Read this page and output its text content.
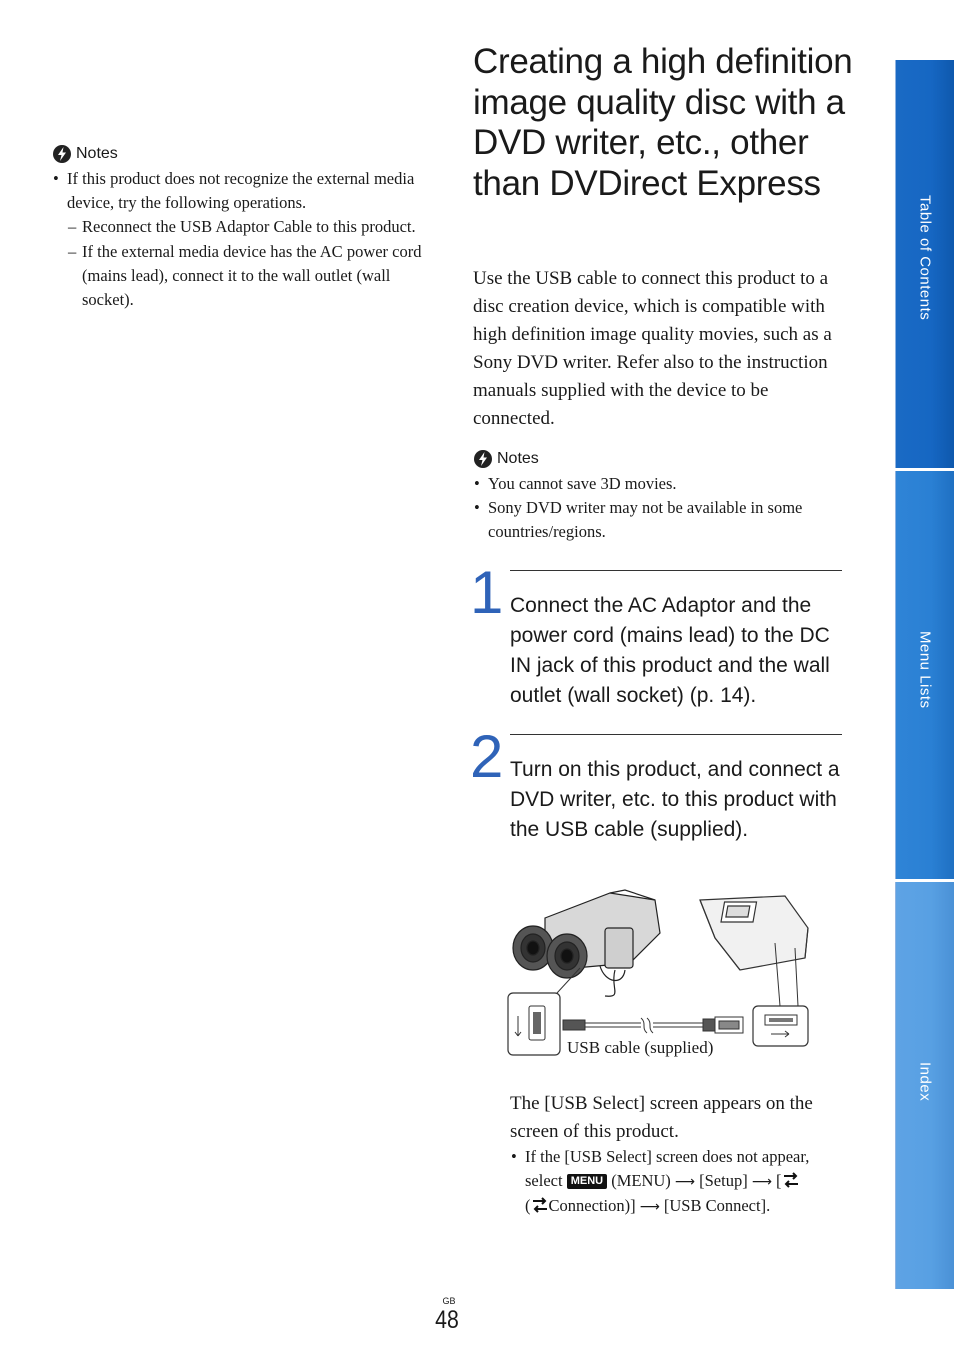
Notes
• If this product does not recognize the external media device, try the following operations.
– Reconnect the USB Adaptor Cable to this product.
– If the external media device has the AC power cord (mains lead), connect it to the wall outlet (wall socket).
Creating a high definition image quality disc with a DVD writer, etc., other than DVDirect Express
Use the USB cable to connect this product to a disc creation device, which is compatible with high definition image quality movies, such as a Sony DVD writer. Refer also to the instruction manuals supplied with the device to be connected.
Notes
• You cannot save 3D movies.
• Sony DVD writer may not be available in some countries/regions.
1 Connect the AC Adaptor and the power cord (mains lead) to the DC IN jack of this product and the wall outlet (wall socket) (p. 14).
2 Turn on this product, and connect a DVD writer, etc. to this product with the USB cable (supplied).
USB cable (supplied)
The [USB Select] screen appears on the screen of this product.
• If the [USB Select] screen does not appear, select MENU (MENU) ⟶ [Setup] ⟶ [
( Connection)] ⟶ [USB Connect].
Table of Contents
Menu Lists
Index
GB
48
